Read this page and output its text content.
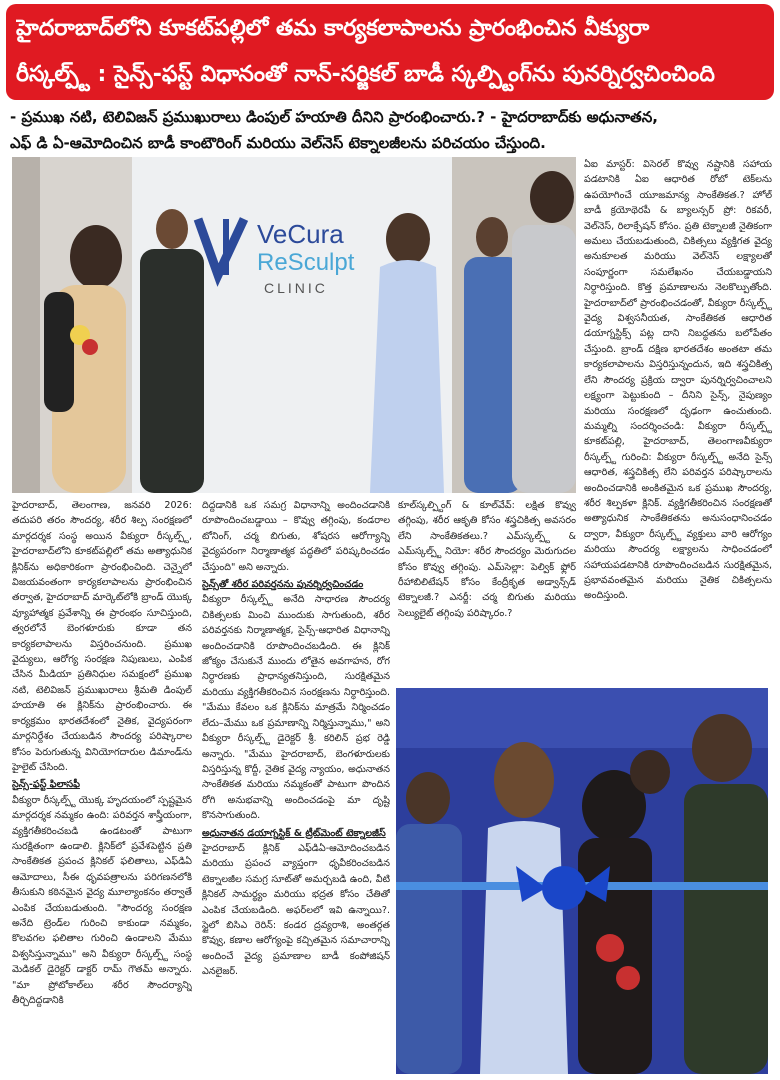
హైదరాబాద్‌లోని కూకట్‌పల్లిలో తమ కార్యకలాపాలను ప్రారంభించిన వీక్యురా
రీస్కల్ప్ట్ : సైన్స్-ఫస్ట్ విధానంతో నాన్-సర్జికల్ బాడీ స్కల్ప్టింగ్‌ను పునర్నిర్వచించింది
- ప్రముఖ నటి, టెలివిజన్ ప్రముఖురాలు డింపుల్ హయాతి దీనిని ప్రారంభించారు.? - హైదరాబాద్‌కు అధునాతన,
ఎఫ్ డి ఏ-ఆమోదించిన బాడీ కాంటౌరింగ్ మరియు వెల్‌నెస్ టెక్నాలజీలను పరిచయం చేస్తుంది.
VeCura
ReSculpt
CLINIC

హైదరాబాద్, తెలంగాణ, జనవరి 2026: తదుపరి తరం సౌందర్య, శరీర శిల్ప సంరక్షణలో మార్గదర్శక సంస్థ అయిన వీక్యురా రీస్కల్ప్ట్, హైదరాబాద్‌లోని కూకట్‌పల్లిలో తమ అత్యాధునిక క్లినిక్‌ను అధికారికంగా ప్రారంభించింది. చెన్నైలో విజయవంతంగా కార్యకలాపాలను ప్రారంభించిన తర్వాత, హైదరాబాద్ మార్కెట్‌లోకి బ్రాండ్ యొక్క వ్యూహాత్మక ప్రవేశాన్ని ఈ ప్రారంభం సూచిస్తుంది, త్వరలోనే బెంగళూరుకు కూడా తన కార్యకలాపాలను విస్తరించనుంది. ప్రముఖ వైద్యులు, ఆరోగ్య సంరక్షణ నిపుణులు, ఎంపిక చేసిన మీడియా ప్రతినిధుల సమక్షంలో ప్రముఖ నటి, టెలివిజన్ ప్రముఖురాలు శ్రీమతి డింపుల్ హయాతి ఈ క్లినిక్‌ను ప్రారంభించారు. ఈ కార్యక్రమం భారతదేశంలో నైతిక, వైద్యపరంగా మార్గనిర్దేశం చేయబడిన సౌందర్య పరిష్కారాల కోసం పెరుగుతున్న వినియోగదారుల డిమాండ్‌ను హైలైట్ చేసింది.

సైన్స్-ఫస్ట్ ఫిలాసఫీ

వీక్యురా రీస్కల్ప్ట్ యొక్క హృదయంలో స్పష్టమైన మార్గదర్శక నమ్మకం ఉంది: పరివర్తన శాస్త్రీయంగా, వ్యక్తిగతీకరించబడి ఉండటంతో పాటుగా సురక్షితంగా ఉండాలి. క్లినిక్‌లో ప్రవేశపెట్టిన ప్రతి సాంకేతికత ప్రపంచ క్లినికల్ ఫలితాలు, ఎఫ్‌డిఏ ఆమోదాలు, సీఈ ధృవపత్రాలను పరిగణనలోకి తీసుకుని కఠినమైన వైద్య మూల్యాంకనం తర్వాతే ఎంపిక చేయబడుతుంది. "సౌందర్య సంరక్షణ అనేది ట్రెండ్‌ల గురించి కాకుండా నమ్మకం, కొలవగల ఫలితాల గురించి ఉండాలని మేము విశ్వసిస్తున్నాము" అని వీక్యురా రీస్కల్ప్ట్ సంస్థ మెడికల్ డైరెక్టర్ డాక్టర్ రామ్ గౌతమ్ అన్నారు. "మా ప్రోటోకాల్‌లు శరీర సౌందర్యాన్ని తీర్చిదిద్దడానికి

దిద్దడానికి ఒక సమగ్ర విధానాన్ని అందించడానికి రూపొందించబడ్డాయి – కొవ్వు తగ్గింపు, కండరాల టోనింగ్, చర్మ బిగుతు, శోషరస ఆరోగ్యాన్ని వైద్యపరంగా నిర్మాణాత్మక పద్ధతిలో పరిష్కరించడం చేస్తుంది" అని అన్నారు.

సైన్స్‌తో శరీర పరివర్తనను పునర్నిర్వచించడం

వీక్యురా రీస్కల్ప్ట్ అనేది సాధారణ సౌందర్య చికిత్సలకు మించి ముందుకు సాగుతుంది, శరీర పరివర్తనకు నిర్మాణాత్మక, సైన్స్-ఆధారిత విధానాన్ని అందించడానికి రూపొందించబడింది. ఈ క్లినిక్ జోక్యం చేసుకునే ముందు లోతైన అవగాహన, రోగ నిర్ధారణకు ప్రాధాన్యతనిస్తుంది, సురక్షితమైన మరియు వ్యక్తిగతీకరించిన సంరక్షణను నిర్ధారిస్తుంది. "మేము కేవలం ఒక క్లినిక్‌ను మాత్రమే నిర్మించడం లేదు–మేము ఒక ప్రమాణాన్ని నిర్మిస్తున్నాము," అని వీక్యురా రీస్కల్ప్ట్ డైరెక్టర్ శ్రీ. కరిలిన్ ప్రభ రెడ్డి అన్నారు. "మేము హైదరాబాద్, బెంగళూరులకు విస్తరిస్తున్న కొద్దీ, నైతిక వైద్య న్యాయం, అధునాతన సాంకేతికత మరియు నమ్మకంతో పాటుగా పొందిన రోగి అనుభవాన్ని అందించడంపై మా దృష్టి కొనసాగుతుంది.

అధునాతన డయాగ్నస్టిక్ & ట్రీట్‌మెంట్ టెక్నాలజీస్

హైదరాబాద్ క్లినిక్ ఎఫ్‌డిఏ-ఆమోదించబడిన మరియు ప్రపంచ వ్యాప్తంగా ధృవీకరించబడిన టెక్నాలజీల సమగ్ర సూట్‌తో అమర్చబడి ఉంది, వీటి క్లినికల్ సామర్థ్యం మరియు భద్రత కోసం చేతితో ఎంపిక చేయబడింది. అఫర్‌లలో ఇవి ఉన్నాయి?. స్టైలో బిసిఎ రెరిన్: కండర ద్రవ్యరాశి, అంతర్గత కొవ్వు, కణాల ఆరోగ్యంపై కచ్చితమైన సమాచారాన్ని అందించే వైద్య ప్రమాణాల బాడీ కంపోజిషన్ ఎనలైజర్.

కూల్‌స్కల్ప్టింగ్ & కూల్‌వేవ్: లక్షిత కొవ్వు తగ్గింపు, శరీర ఆకృతి కోసం శస్త్రచికిత్స అవసరం లేని సాంకేతికతలు.? ఎమ్‌స్కల్ప్ట్ & ఎమ్‌స్కల్ప్ట్ నియో: శరీర సౌందర్యం మెరుగుదల కోసం కొవ్వు తగ్గింపు. ఎమ్‌సెల్లా: పెల్విక్ ఫ్లోర్ రీహాబిలిటేషన్ కోసం కేంద్రీకృత అడ్వాన్స్‌డ్ టెక్నాలజీ.? ఎనర్జీ: చర్మ బిగుతు మరియు సెల్యులైట్ తగ్గింపు పరిష్కారం.?

ఏఐ మాస్టర్: విసెరల్ కొవ్వు నష్టానికి సహాయ పడటానికి ఏఐ ఆధారిత రోబో టెక్‌లను ఉపయోగించే యూజమాన్య సాంకేతికత.? హోల్ బాడీ క్రయోథెరపీ & బ్యాలన్సర్ ప్రో: రికవరీ, వెల్‌నెస్, రిలాక్సేషన్ కోసం. ప్రతి టెక్నాలజీ నైతికంగా అమలు చేయబడుతుంది, చికిత్సలు వ్యక్తిగత వైద్య అనుకూలత మరియు వెల్‌నెస్ లక్ష్యాలతో సంపూర్ణంగా సమలేఖనం చేయబడ్డాయని నిర్ధారిస్తుంది. కొత్త ప్రమాణాలను నెలకొల్పుతోంది. హైదరాబాద్‌లో ప్రారంభించడంతో, వీక్యురా రీస్కల్ప్ట్ వైద్య విశ్వసనీయత, సాంకేతికత ఆధారిత డయాగ్నస్టిక్స్ పట్ల దాని నిబద్ధతను బలోపేతం చేస్తుంది. బ్రాండ్ దక్షిణ భారతదేశం అంతటా తమ కార్యకలాపాలను విస్తరిస్తున్నందున, ఇది శస్త్రచికిత్స లేని సౌందర్య ప్రక్రియ ద్వారా పునర్నిర్వచించాలని లక్ష్యంగా పెట్టుకుంది – దీనిని సైన్స్, నైపుణ్యం మరియు సంరక్షణలో దృఢంగా ఉంచుతుంది. మమ్మల్ని సందర్శించండి: వీక్యురా రీస్కల్ప్ట్ కూకట్‌పల్లి, హైదరాబాద్, తెలంగాణవీక్యురా రీస్కల్ప్ట్ గురించి: వీక్యురా రీస్కల్ప్ట్ అనేది సైన్స్ ఆధారిత, శస్త్రచికిత్స లేని పరివర్తన పరిష్కారాలను అందించడానికి అంకితమైన ఒక ప్రముఖ సౌందర్య, శరీర శిల్పకళా క్లినిక్. వ్యక్తిగతీకరించిన సంరక్షణతో అత్యాధునిక సాంకేతికతను అనుసంధానించడం ద్వారా, వీక్యురా రీస్కల్ప్ట్ వ్యక్తులు వారి ఆరోగ్యం మరియు సౌందర్య లక్ష్యాలను సాధించడంలో సహాయపడటానికి రూపొందించబడిన సురక్షితమైన, ప్రభావవంతమైన మరియు నైతిక చికిత్సలను అందిస్తుంది.
